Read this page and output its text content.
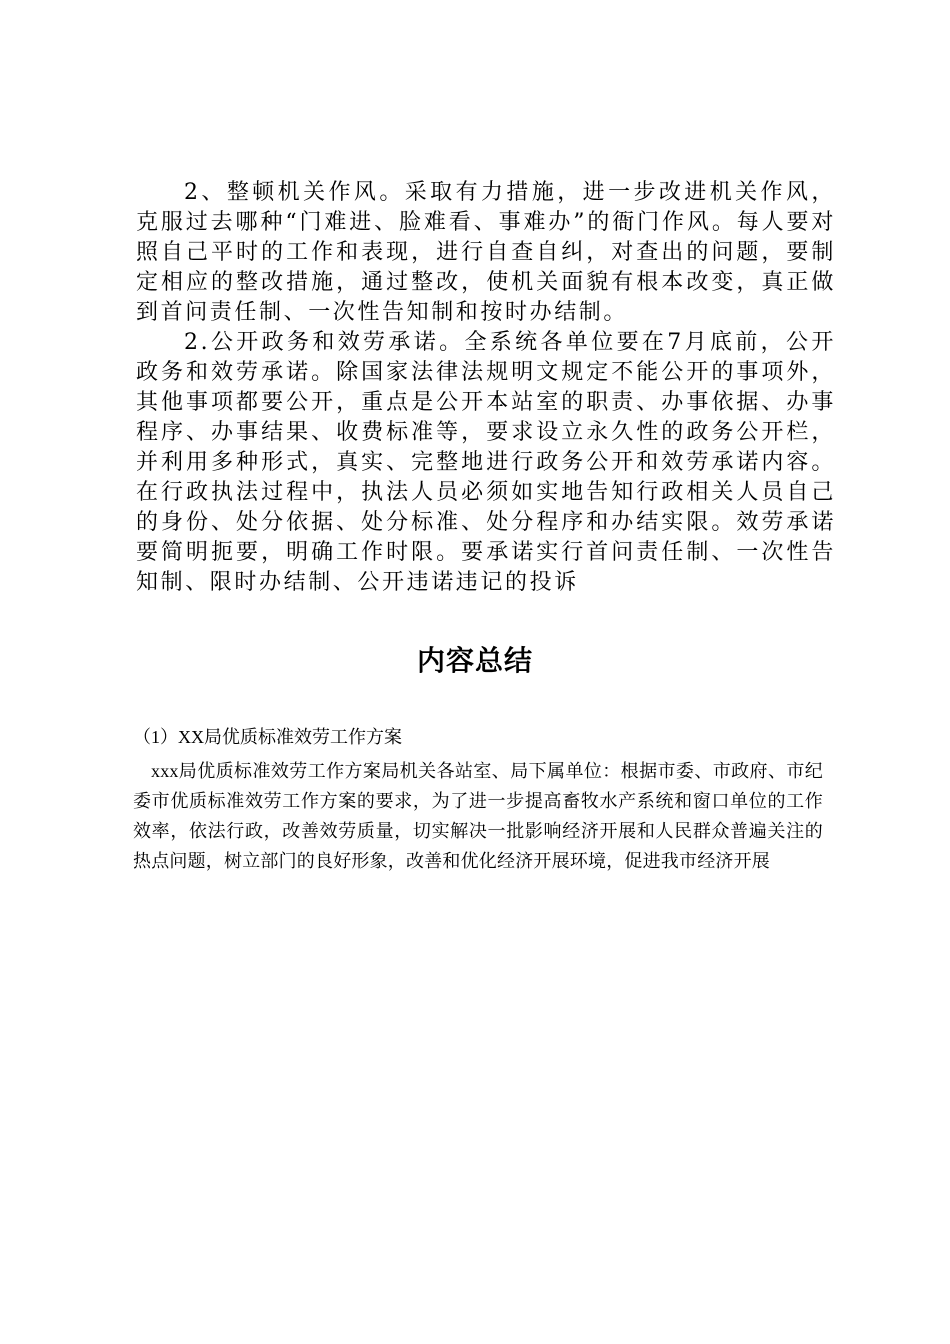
2、整顿机关作风。采取有力措施，进一步改进机关作风，克服过去哪种“门难进、脸难看、事难办”的衙门作风。每人要对照自己平时的工作和表现，进行自查自纠，对查出的问题，要制定相应的整改措施，通过整改，使机关面貌有根本改变，真正做到首问责任制、一次性告知制和按时办结制。

2.公开政务和效劳承诺。全系统各单位要在7月底前，公开政务和效劳承诺。除国家法律法规明文规定不能公开的事项外，其他事项都要公开，重点是公开本站室的职责、办事依据、办事程序、办事结果、收费标准等，要求设立永久性的政务公开栏，并利用多种形式，真实、完整地进行政务公开和效劳承诺内容。在行政执法过程中，执法人员必须如实地告知行政相关人员自己的身份、处分依据、处分标准、处分程序和办结实限。效劳承诺要简明扼要，明确工作时限。要承诺实行首问责任制、一次性告知制、限时办结制、公开违诺违记的投诉

内容总结

（1）XX局优质标准效劳工作方案

xxx局优质标准效劳工作方案局机关各站室、局下属单位：根据市委、市政府、市纪委市优质标准效劳工作方案的要求，为了进一步提高畜牧水产系统和窗口单位的工作效率，依法行政，改善效劳质量，切实解决一批影响经济开展和人民群众普遍关注的热点问题，树立部门的良好形象，改善和优化经济开展环境，促进我市经济开展
